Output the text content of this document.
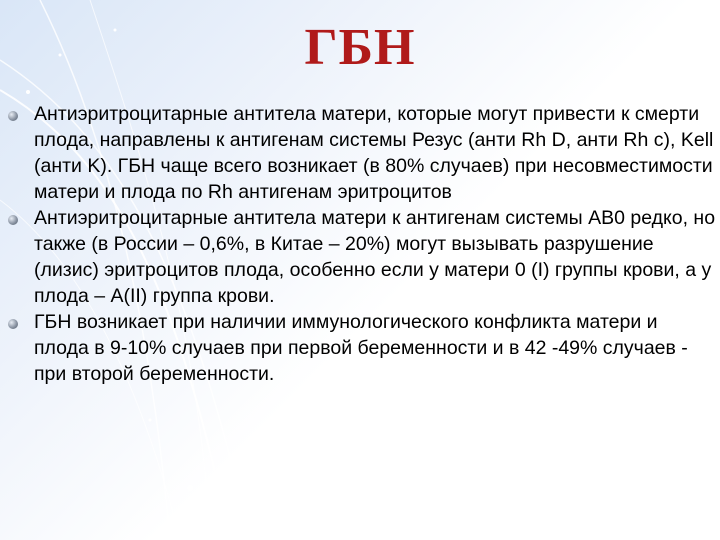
ГБН
Антиэритроцитарные антитела матери, которые могут привести к смерти плода, направлены к антигенам системы Резус (анти Rh D, анти Rh c), Kell (анти K). ГБН чаще всего возникает (в 80% случаев) при несовместимости матери и плода по Rh антигенам эритроцитов
Антиэритроцитарные антитела матери к антигенам системы AB0 редко, но также (в России – 0,6%, в Китае – 20%) могут вызывать разрушение (лизис) эритроцитов плода, особенно если у матери 0 (I) группы крови, а у плода – A(II) группа крови.
ГБН возникает при наличии иммунологического конфликта матери и плода в 9-10% случаев при первой беременности и в 42 -49% случаев - при второй беременности.
